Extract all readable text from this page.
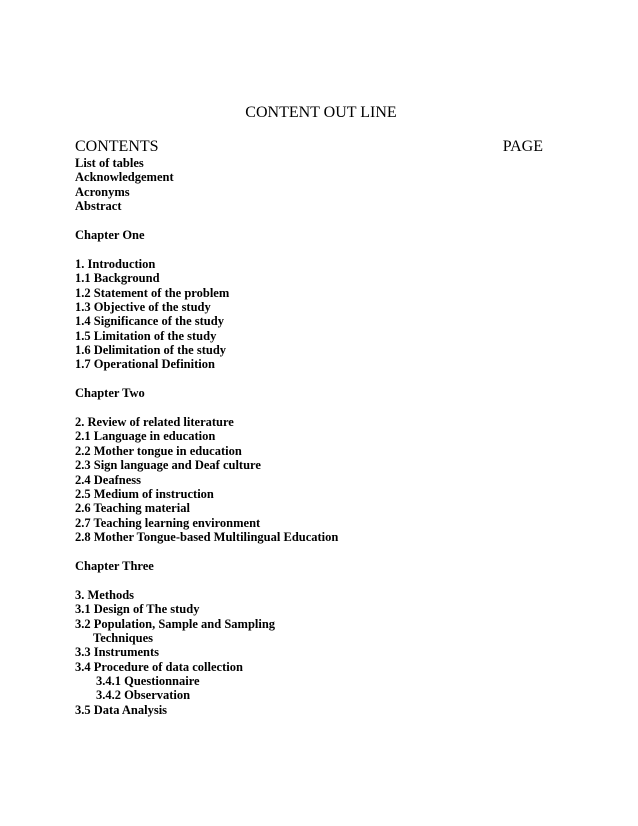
CONTENT OUT LINE
CONTENTS	PAGE
List of tables
Acknowledgement
Acronyms
Abstract
Chapter One
1. Introduction
1.1 Background
1.2 Statement of the problem
1.3 Objective of the study
1.4 Significance of the study
1.5 Limitation of the study
1.6 Delimitation of the study
1.7 Operational Definition
Chapter Two
2. Review of related literature
2.1 Language in education
2.2 Mother tongue in education
2.3 Sign language and Deaf culture
2.4 Deafness
2.5 Medium of instruction
2.6 Teaching material
2.7 Teaching learning environment
2.8 Mother Tongue-based Multilingual Education
Chapter Three
3. Methods
3.1 Design of The study
3.2 Population, Sample and Sampling
Techniques
3.3 Instruments
3.4 Procedure of data collection
3.4.1 Questionnaire
3.4.2 Observation
3.5 Data Analysis
